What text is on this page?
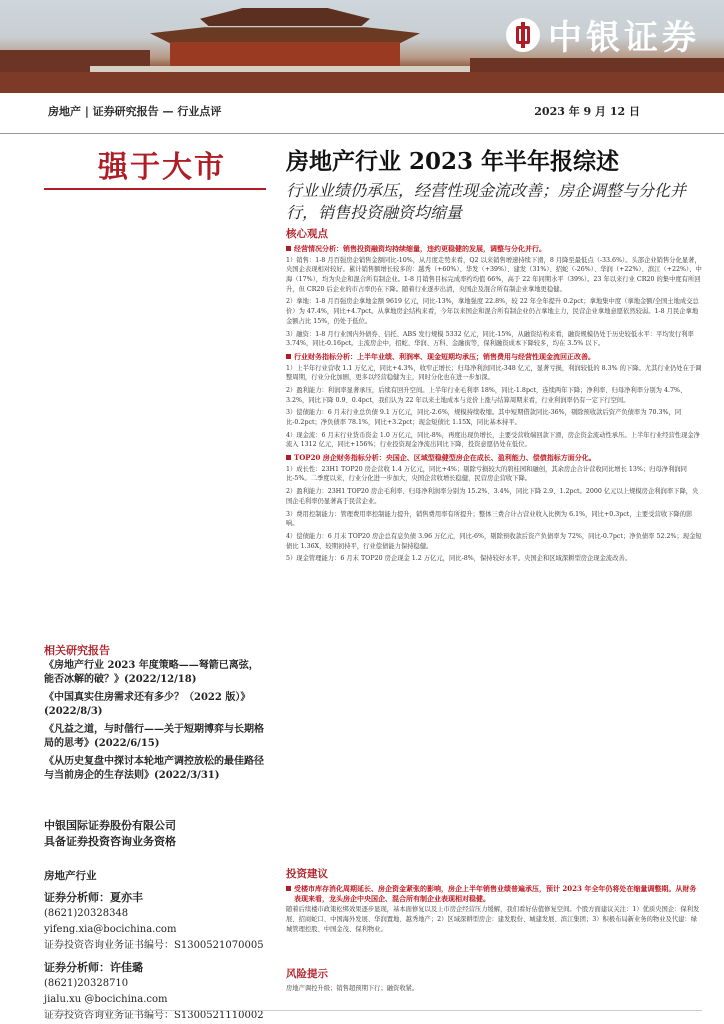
中银证券
房地产 | 证券研究报告 — 行业点评	2023 年 9 月 12 日
强于大市	房地产行业 2023 年半年报综述
行业业绩仍承压，经营性现金流改善；房企调整与分化并行，销售投资融资均缩量
核心观点
经营情况分析：销售投资融资均持续缩量，违约更稳健的发展，调整与分化并行。
1）销售：1-8 月百强房企销售金额同比-10%，从月度走势来看，Q2 以来销售增速持续下滑，8 月降至最低点（-33.6%）。头部企业销售分化显著，央国企表现相对较好。累计销售额增长较多的：越秀（+60%）、华发（+39%）、建发（31%）、招蛇（-26%）、华润（+22%）、滨江（+22%）、中海（17%），均为央企和混合所有制企业。1-8 月销售目标完成率约均值 66%，高于 22 年同期水平（39%）。23 年以来行业 CR20 的集中度有所回升，但 CR20 后企业的市占率仍在下降。随着行业逐步出清，央国企及混合所有制企业拿地更稳健。
2）拿地：1-8 月百强房企拿地金额 9619 亿元，同比-13%，拿地强度 22.8%，较 22 年全年提升 0.2pct；拿地集中度（拿地金额/全国土地成交总价）为 47.4%，同比+4.7pct。从拿地房企结构来看，今年以来国企和混合所有制企业仍占拿地主力，民营企业拿地意愿依然较弱。1-8 月民企拿地金额占比 15%，仍处于低位。
3）融资：1-8 月行业国内外债券、信托、ABS 发行规模 5332 亿元，同比-15%，从融资结构来看，融资规模仍处于历史较低水平：平均发行利率 3.74%，同比-0.16pct。主流房企中，招蛇、华润、万科、金融街等，保利融资成本下降较多，均在 3.5% 以下。
行业财务指标分析：上半年业绩、利润率、现金短期均承压；销售费用与经营性现金流回正改善。
1）上半年行业营收 1.1 万亿元，同比+4.3%，收窄正增长；归母净利润同比-348 亿元，显著亏损，利润较低的 8.3% 的下降。尤其行业仍处在于调整周期，行业分化加剧，更多以经营稳健为主，同时分化也在进一步加深。
2）盈利能力：利润率显著承压，后续有回升空间。上半年行业毛利率 18%，同比-1.8pct，连续两年下降；净利率、归母净利率分别为 4.7%、3.2%，同比下降 0.9、0.4pct，我们认为 22 年以来土地成本与竞价上涨与结算周期来看，行业利润率仍有一定下行空间。
3）偿债能力：6 月末行业总负债 9.1 万亿元，同比-2.6%，规模持续收缩。其中短期借款同比-36%，剔除预收款后资产负债率为 70.3%，同比-0.2pct；净负债率 78.1%，同比+3.2pct；现金短债比 1.15X，同比基本持平。
4）现金流：6 月末行业货币资金 1.0 万亿元，同比-8%，再度出现负增长，主要受营收端回款下滑，房企资金流动性承压。上半年行业经营性现金净流入 1312 亿元，同比+156%；行业投资现金净流出同比下降，投资意愿仍处在低位。
TOP20 房企财务指标分析：央国企、区域型稳健型房企在成长、盈利能力、偿债指标方面分化。
1）成长性：23H1 TOP20 房企营收 1.4 万亿元，同比+4%；剔除亏损较大的碧桂园和融创，其余房企合计营收同比增长 13%；归母净利润同比-5%。二季度以来，行业分化进一步加大，央国企营收增长稳健，民营房企营收下降。
2）盈利能力：23H1 TOP20 房企毛利率、归母净利润率分别为 15.2%、3.4%，同比下降 2.9、1.2pct。2000 亿元以上规模房企利润率下降，央国企毛利率仍显著高于民营企业。
3）费用控制能力：管理费用率控制能力提升，销售费用率有所提升；整体三费合计占营业收入比例为 6.1%，同比+0.3pct，主要受营收下降的影响。
4）偿债能力：6 月末 TOP20 房企总有息负债 3.96 万亿元，同比-6%，剔除预收款后资产负债率为 72%，同比-0.7pct；净负债率 52.2%；现金短债比 1.36X，较期初持平，行业偿债能力保持稳健。
5）现金管理能力：6 月末 TOP20 房企现金 1.2 万亿元，同比-8%，保持较好水平。央国企和区域深耕型房企现金流改善。
投资建议
受楼市库存消化周期延长、房企资金紧张的影响，房企上半年销售业绩普遍承压，预计 2023 年全年仍将处在缩量调整期。从财务表现来看，龙头房企中央国企、混合所有制企业表现相对稳健。
随着后续楼市政策松绑效果逐步显现，基本面修复以及上市房企经营压力缓解，我们看好估值修复空间。个股方面建议关注：1）优质央国企：保利发展、招商蛇口、中国海外发展、华润置地、越秀地产；2）区域深耕型房企：建发股份、城建发展、滨江集团；3）积极布局新业务的物业及代建：绿城管理控股、中国金茂、保利物业。
风险提示
房地产调控升级；销售超预期下行；融资收紧。
相关研究报告

《房地产行业 2023 年度策略——弩箭已离弦，能否冰解的破？》(2022/12/18)

《中国真实住房需求还有多少？（2022 版）》(2022/8/3)

《凡益之道，与时偕行——关于短期博弈与长期格局的思考》(2022/6/15)

《从历史复盘中探讨本轮地产调控放松的最佳路径与当前房企的生存法则》(2022/3/31)

中银国际证券股份有限公司
具备证券投资咨询业务资格
房地产行业
证券分析师：夏亦丰
(8621)20328348
yifeng.xia@bocichina.com
证券投资咨询业务证书编号：S1300521070005
证券分析师：许佳璐
(8621)20328710
jialu.xu @bocichina.com
证券投资咨询业务证书编号：S1300521110002
